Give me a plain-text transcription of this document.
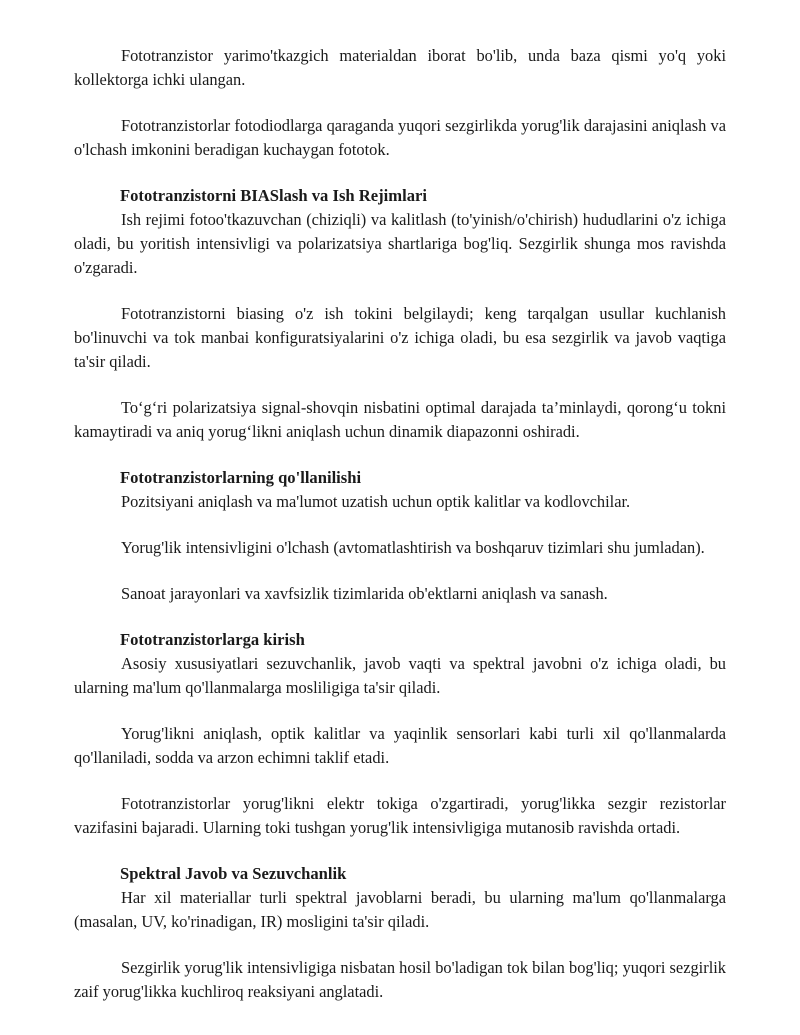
Fototranzistor yarimo'tkazgich materialdan iborat bo'lib, unda baza qismi yo'q yoki kollektorga ichki ulangan.

Fototranzistorlar fotodiodlarga qaraganda yuqori sezgirlikda yorug'lik darajasini aniqlash va o'lchash imkonini beradigan kuchaygan fototok.

Fototranzistorni BIASlash va Ish Rejimlari

Ish rejimi fotoo'tkazuvchan (chiziqli) va kalitlash (to'yinish/o'chirish) hududlarini o'z ichiga oladi, bu yoritish intensivligi va polarizatsiya shartlariga bog'liq. Sezgirlik shunga mos ravishda o'zgaradi.

Fototranzistorni biasing o'z ish tokini belgilaydi; keng tarqalgan usullar kuchlanish bo'linuvchi va tok manbai konfiguratsiyalarini o'z ichiga oladi, bu esa sezgirlik va javob vaqtiga ta'sir qiladi.

To‘g‘ri polarizatsiya signal-shovqin nisbatini optimal darajada ta’minlaydi, qorong‘u tokni kamaytiradi va aniq yorug‘likni aniqlash uchun dinamik diapazonni oshiradi.

Fototranzistorlarning qo'llanilishi

Pozitsiyani aniqlash va ma'lumot uzatish uchun optik kalitlar va kodlovchilar.

Yorug'lik intensivligini o'lchash (avtomatlashtirish va boshqaruv tizimlari shu jumladan).

Sanoat jarayonlari va xavfsizlik tizimlarida ob'ektlarni aniqlash va sanash.

Fototranzistorlarga kirish

Asosiy xususiyatlari sezuvchanlik, javob vaqti va spektral javobni o'z ichiga oladi, bu ularning ma'lum qo'llanmalarga mosliligiga ta'sir qiladi.

Yorug'likni aniqlash, optik kalitlar va yaqinlik sensorlari kabi turli xil qo'llanmalarda qo'llaniladi, sodda va arzon echimni taklif etadi.

Fototranzistorlar yorug'likni elektr tokiga o'zgartiradi, yorug'likka sezgir rezistorlar vazifasini bajaradi. Ularning toki tushgan yorug'lik intensivligiga mutanosib ravishda ortadi.

Spektral Javob va Sezuvchanlik

Har xil materiallar turli spektral javoblarni beradi, bu ularning ma'lum qo'llanmalarga (masalan, UV, ko'rinadigan, IR) mosligini ta'sir qiladi.

Sezgirlik yorug'lik intensivligiga nisbatan hosil bo'ladigan tok bilan bog'liq; yuqori sezgirlik zaif yorug'likka kuchliroq reaksiyani anglatadi.
